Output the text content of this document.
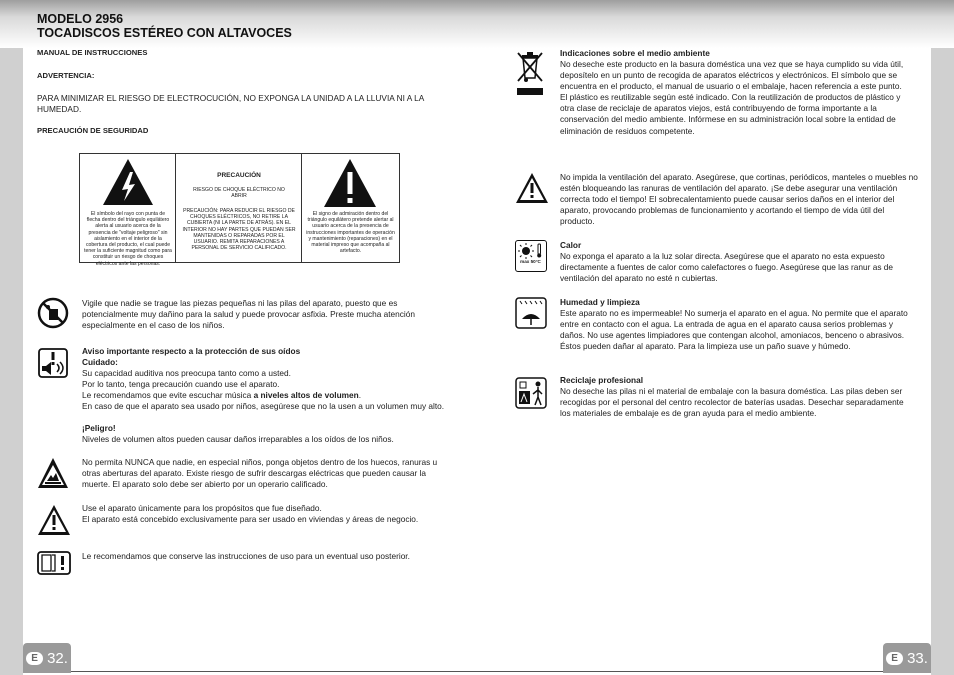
MODELO 2956
TOCADISCOS ESTÉREO CON ALTAVOCES
MANUAL DE INSTRUCCIONES
ADVERTENCIA:
PARA MINIMIZAR EL RIESGO DE ELECTROCUCIÓN, NO EXPONGA LA UNIDAD A LA LLUVIA NI A LA HUMEDAD.
PRECAUCIÓN DE SEGURIDAD
El símbolo del rayo con punta de flecha dentro del triángulo equilátero alerta al usuario acerca de la presencia de "voltaje peligroso" sin aislamiento en el interior de la cobertura del producto, el cual puede tener la suficiente magnitud como para constituir un riesgo de choques eléctricos ante las personas.
PRECAUCIÓN
RIESGO DE CHOQUE ELÉCTRICO NO ABRIR
PRECAUCIÓN: PARA REDUCIR EL RIESGO DE CHOQUES ELÉCTRICOS, NO RETIRE LA CUBIERTA (NI LA PARTE DE ATRÁS). EN EL INTERIOR NO HAY PARTES QUE PUEDAN SER MANTENIDAS O REPARADAS POR EL USUARIO. REMITA REPARACIONES A PERSONAL DE SERVICIO CALIFICADO.
El signo de admiración dentro del triángulo equilátero pretende alertar al usuario acerca de la presencia de instrucciones importantes de operación y mantenimiento (reparaciones) en el material impreso que acompaña al artefacto.
Vigile que nadie se trague las piezas pequeñas ni las pilas del aparato, puesto que es potencialmente muy dañino para la salud y puede provocar asfixia. Preste mucha atención especialmente en el caso de los niños.
Aviso importante respecto a la protección de sus oídos
Cuidado:
Su capacidad auditiva nos preocupa tanto como a usted.
Por lo tanto, tenga precaución cuando use el aparato.
Le recomendamos que evite escuchar música a niveles altos de volumen.
En caso de que el aparato sea usado por niños, asegúrese que no la usen a un volumen muy alto.
¡Peligro!
Niveles de volumen altos pueden causar daños irreparables a los oídos de los niños.
No permita NUNCA que nadie, en especial niños, ponga objetos dentro de los huecos, ranuras u otras aberturas del aparato. Existe riesgo de sufrir descargas eléctricas que pueden causar la muerte. El aparato solo debe ser abierto por un operario calificado.
Use el aparato únicamente para los propósitos que fue diseñado.
El aparato está concebido exclusivamente para ser usado en viviendas y áreas de negocio.
Le recomendamos que conserve las instrucciones de uso para un eventual uso posterior.
E 32.
Indicaciones sobre el medio ambiente
No deseche este producto en la basura doméstica una vez que se haya cumplido su vida útil, deposítelo en un punto de recogida de aparatos eléctricos y electrónicos. El símbolo que se encuentra en el producto, el manual de usuario o el embalaje, hacen referencia a este punto. El plástico es reutilizable según esté indicado. Con la reutilización de productos de plástico y otra clase de reciclaje de aparatos viejos, está contribuyendo de forma importante a la conservación del medio ambiente. Infórmese en su administración local sobre la entidad de eliminación de residuos competente.
No impida la ventilación del aparato. Asegúrese, que cortinas, periódicos, manteles o muebles no estén bloqueando las ranuras de ventilación del aparato. ¡Se debe asegurar una ventilación correcta todo el tiempo! El sobrecalentamiento puede causar serios daños en el interior del aparato, provocando problemas de funcionamiento y acortando el tiempo de vida útil del producto.
max 50°C
Calor
No exponga el aparato a la luz solar directa. Asegúrese que el aparato no esta expuesto directamente a fuentes de calor como calefactores o fuego. Asegúrese que las ranur as de ventilación del aparato no esté n cubiertas.
Humedad y limpieza
Este aparato no es impermeable! No sumerja el aparato en el agua. No permite que el aparato entre en contacto con el agua. La entrada de agua en el aparato causa serios problemas y daños. No use agentes limpiadores que contengan alcohol, amoniacos, benceno o abrasivos. Éstos pueden dañar al aparato. Para la limpieza use un paño suave y húmedo.
Reciclaje profesional
No deseche las pilas ni el material de embalaje con la basura doméstica. Las pilas deben ser recogidas por el personal del centro recolector de baterías usadas. Desechar separadamente los materiales de embalaje es de gran ayuda para el medio ambiente.
E 33.
